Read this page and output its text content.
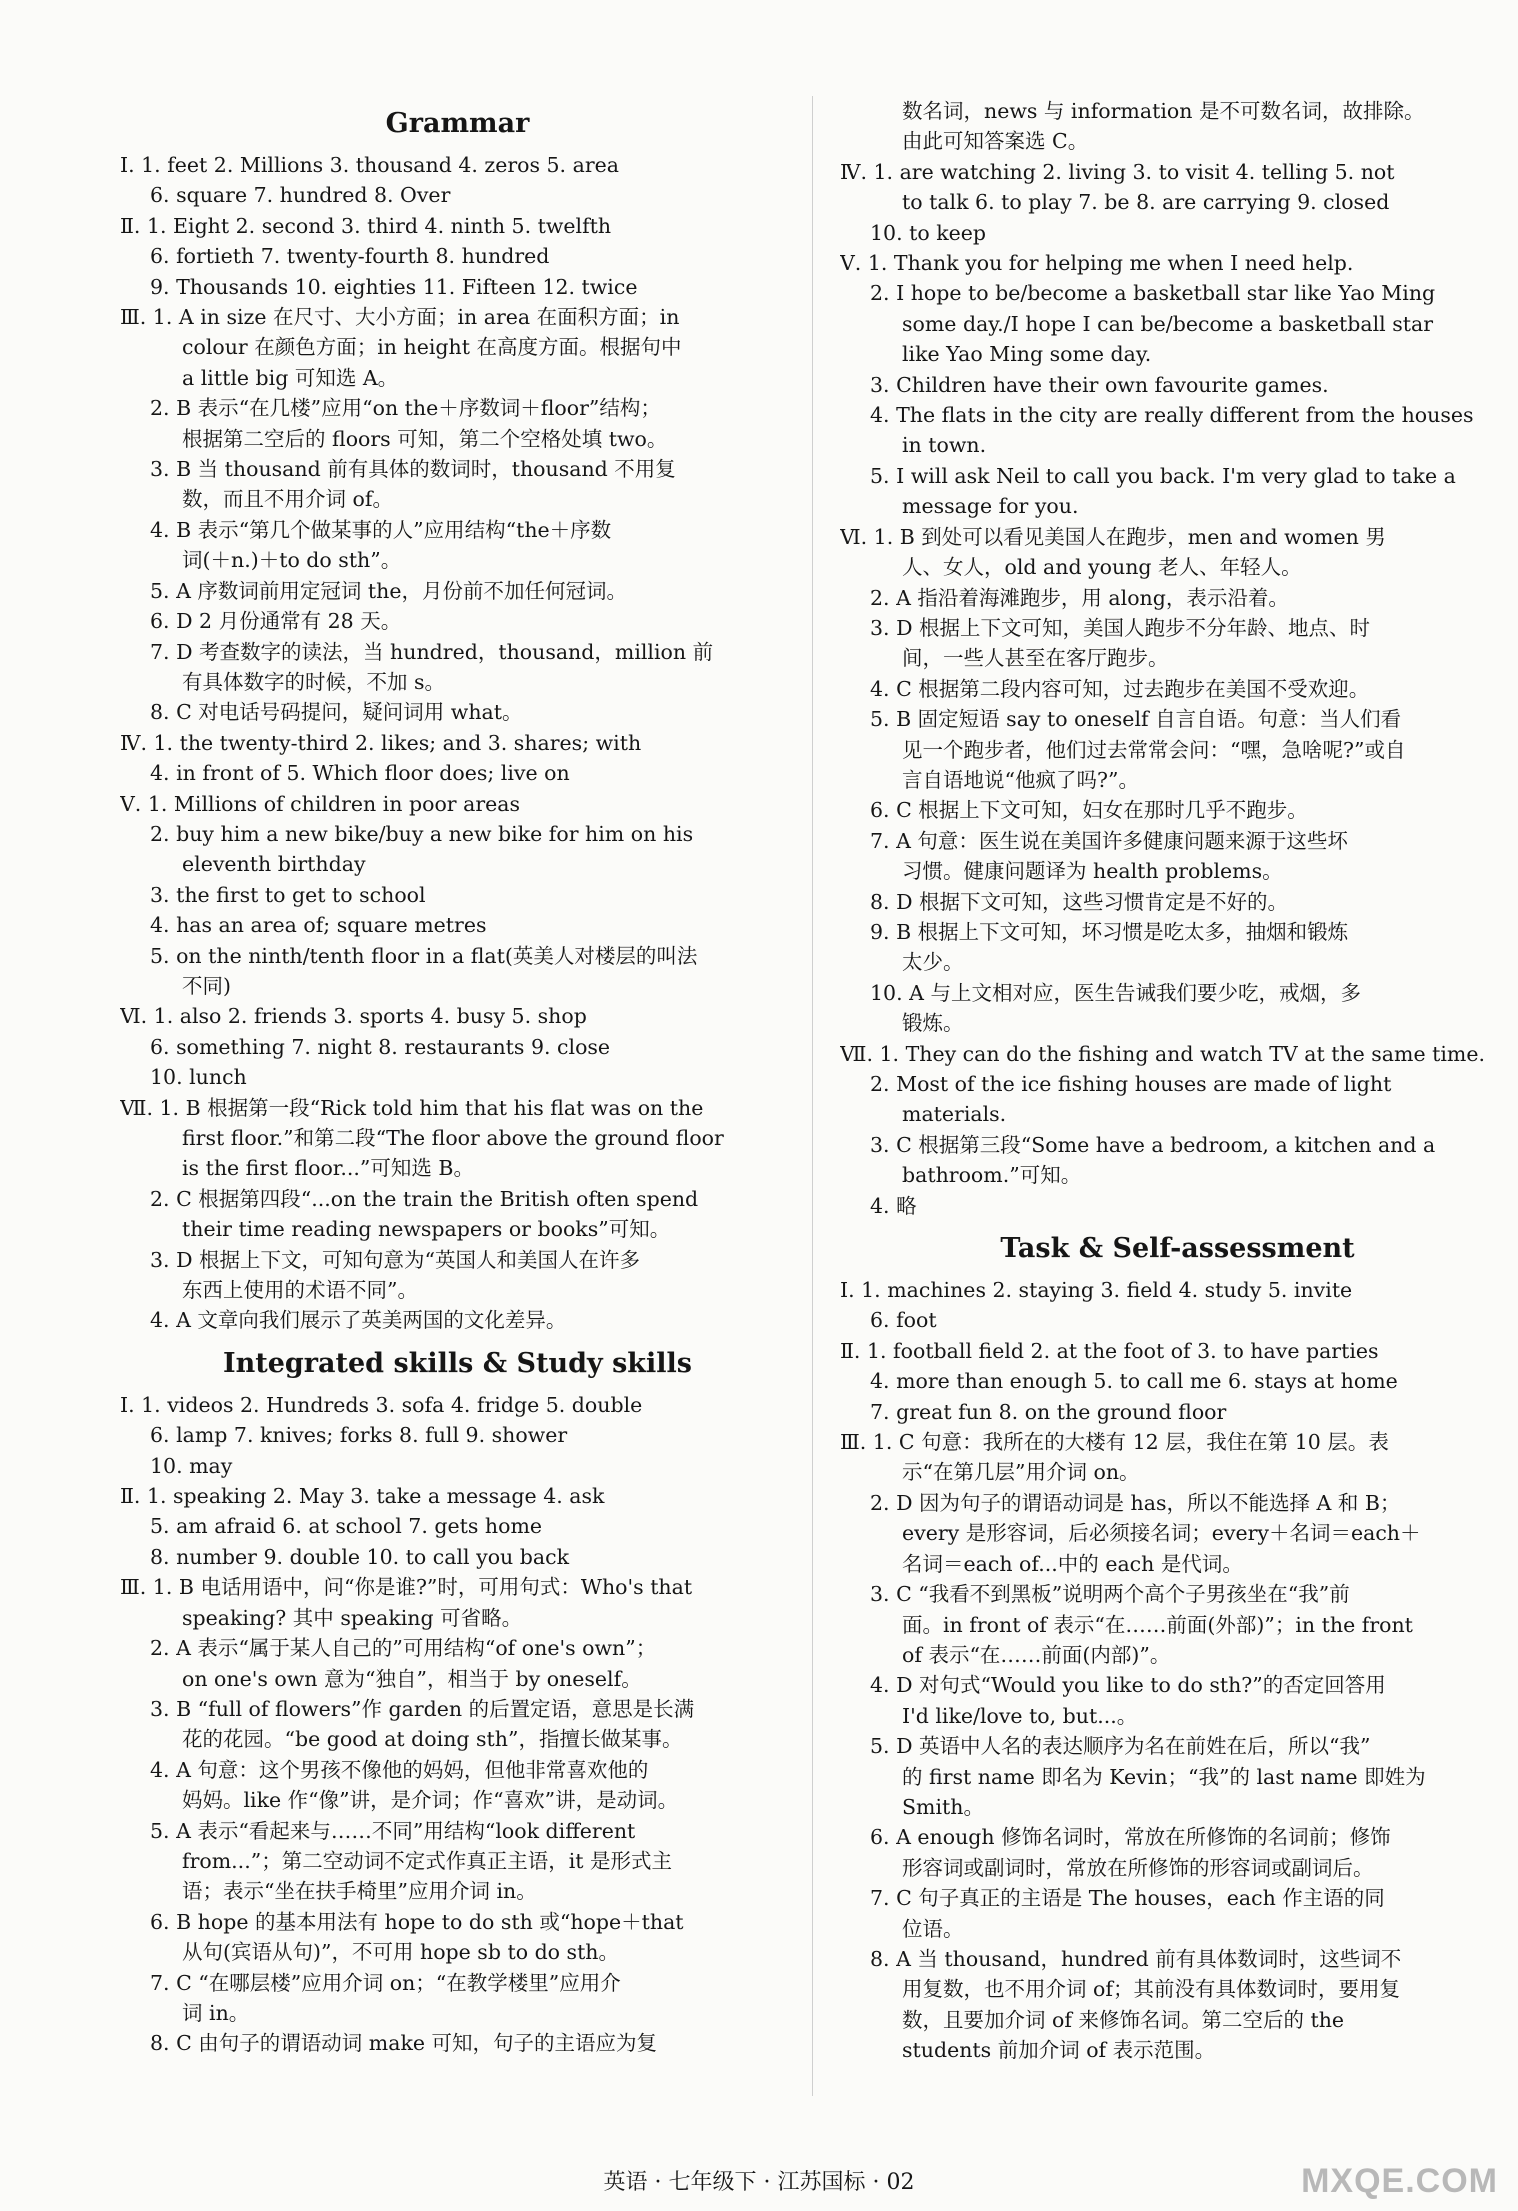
Grammar
Ⅰ. 1. feet 2. Millions 3. thousand 4. zeros 5. area
6. square 7. hundred 8. Over
Ⅱ. 1. Eight 2. second 3. third 4. ninth 5. twelfth
6. fortieth 7. twenty-fourth 8. hundred
9. Thousands 10. eighties 11. Fifteen 12. twice
Ⅲ. 1. A in size 在尺寸、大小方面；in area 在面积方面；in
colour 在颜色方面；in height 在高度方面。根据句中
a little big 可知选 A。
2. B 表示“在几楼”应用“on the＋序数词＋floor”结构；
根据第二空后的 floors 可知，第二个空格处填 two。
3. B 当 thousand 前有具体的数词时，thousand 不用复
数，而且不用介词 of。
4. B 表示“第几个做某事的人”应用结构“the＋序数
词(＋n.)＋to do sth”。
5. A 序数词前用定冠词 the，月份前不加任何冠词。
6. D 2 月份通常有 28 天。
7. D 考查数字的读法，当 hundred，thousand，million 前
有具体数字的时候，不加 s。
8. C 对电话号码提问，疑问词用 what。
Ⅳ. 1. the twenty-third 2. likes; and 3. shares; with
4. in front of 5. Which floor does; live on
Ⅴ. 1. Millions of children in poor areas
2. buy him a new bike/buy a new bike for him on his
eleventh birthday
3. the first to get to school
4. has an area of; square metres
5. on the ninth/tenth floor in a flat(英美人对楼层的叫法
不同)
Ⅵ. 1. also 2. friends 3. sports 4. busy 5. shop
6. something 7. night 8. restaurants 9. close
10. lunch
Ⅶ. 1. B 根据第一段“Rick told him that his flat was on the
first floor.”和第二段“The floor above the ground floor
is the first floor...”可知选 B。
2. C 根据第四段“...on the train the British often spend
their time reading newspapers or books”可知。
3. D 根据上下文，可知句意为“英国人和美国人在许多
东西上使用的术语不同”。
4. A 文章向我们展示了英美两国的文化差异。
Integrated skills & Study skills
Ⅰ. 1. videos 2. Hundreds 3. sofa 4. fridge 5. double
6. lamp 7. knives; forks 8. full 9. shower
10. may
Ⅱ. 1. speaking 2. May 3. take a message 4. ask
5. am afraid 6. at school 7. gets home
8. number 9. double 10. to call you back
Ⅲ. 1. B 电话用语中，问“你是谁?”时，可用句式：Who's that
speaking? 其中 speaking 可省略。
2. A 表示“属于某人自己的”可用结构“of one's own”；
on one's own 意为“独自”，相当于 by oneself。
3. B “full of flowers”作 garden 的后置定语，意思是长满
花的花园。“be good at doing sth”，指擅长做某事。
4. A 句意：这个男孩不像他的妈妈，但他非常喜欢他的
妈妈。like 作“像”讲，是介词；作“喜欢”讲，是动词。
5. A 表示“看起来与……不同”用结构“look different
from...”；第二空动词不定式作真正主语，it 是形式主
语；表示“坐在扶手椅里”应用介词 in。
6. B hope 的基本用法有 hope to do sth 或“hope＋that
从句(宾语从句)”，不可用 hope sb to do sth。
7. C “在哪层楼”应用介词 on；“在教学楼里”应用介
词 in。
8. C 由句子的谓语动词 make 可知，句子的主语应为复
数名词，news 与 information 是不可数名词，故排除。
由此可知答案选 C。
Ⅳ. 1. are watching 2. living 3. to visit 4. telling 5. not
to talk 6. to play 7. be 8. are carrying 9. closed
10. to keep
Ⅴ. 1. Thank you for helping me when I need help.
2. I hope to be/become a basketball star like Yao Ming
some day./I hope I can be/become a basketball star
like Yao Ming some day.
3. Children have their own favourite games.
4. The flats in the city are really different from the houses
in town.
5. I will ask Neil to call you back. I'm very glad to take a
message for you.
Ⅵ. 1. B 到处可以看见美国人在跑步，men and women 男
人、女人，old and young 老人、年轻人。
2. A 指沿着海滩跑步，用 along，表示沿着。
3. D 根据上下文可知，美国人跑步不分年龄、地点、时
间，一些人甚至在客厅跑步。
4. C 根据第二段内容可知，过去跑步在美国不受欢迎。
5. B 固定短语 say to oneself 自言自语。句意：当人们看
见一个跑步者，他们过去常常会问：“嘿，急啥呢?”或自
言自语地说“他疯了吗?”。
6. C 根据上下文可知，妇女在那时几乎不跑步。
7. A 句意：医生说在美国许多健康问题来源于这些坏
习惯。健康问题译为 health problems。
8. D 根据下文可知，这些习惯肯定是不好的。
9. B 根据上下文可知，坏习惯是吃太多，抽烟和锻炼
太少。
10. A 与上文相对应，医生告诫我们要少吃，戒烟，多
锻炼。
Ⅶ. 1. They can do the fishing and watch TV at the same time.
2. Most of the ice fishing houses are made of light
materials.
3. C 根据第三段“Some have a bedroom, a kitchen and a
bathroom.”可知。
4. 略
Task & Self-assessment
Ⅰ. 1. machines 2. staying 3. field 4. study 5. invite
6. foot
Ⅱ. 1. football field 2. at the foot of 3. to have parties
4. more than enough 5. to call me 6. stays at home
7. great fun 8. on the ground floor
Ⅲ. 1. C 句意：我所在的大楼有 12 层，我住在第 10 层。表
示“在第几层”用介词 on。
2. D 因为句子的谓语动词是 has，所以不能选择 A 和 B；
every 是形容词，后必须接名词；every＋名词＝each＋
名词＝each of...中的 each 是代词。
3. C “我看不到黑板”说明两个高个子男孩坐在“我”前
面。in front of 表示“在……前面(外部)”；in the front
of 表示“在……前面(内部)”。
4. D 对句式“Would you like to do sth?”的否定回答用
I'd like/love to, but...。
5. D 英语中人名的表达顺序为名在前姓在后，所以“我”
的 first name 即名为 Kevin；“我”的 last name 即姓为
Smith。
6. A enough 修饰名词时，常放在所修饰的名词前；修饰
形容词或副词时，常放在所修饰的形容词或副词后。
7. C 句子真正的主语是 The houses，each 作主语的同
位语。
8. A 当 thousand，hundred 前有具体数词时，这些词不
用复数，也不用介词 of；其前没有具体数词时，要用复
数，且要加介词 of 来修饰名词。第二空后的 the
students 前加介词 of 表示范围。
英语 · 七年级下 · 江苏国标 · 02	MXQE.COM
